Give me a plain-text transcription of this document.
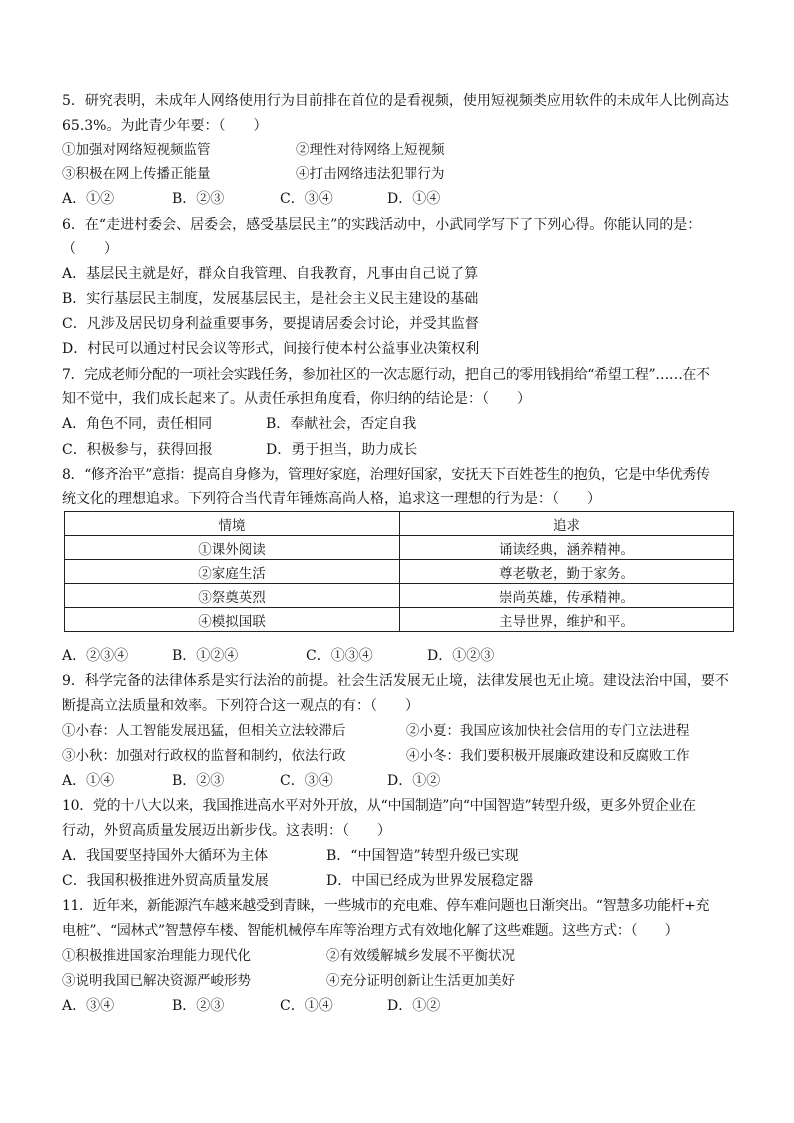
5．研究表明，未成年人网络使用行为目前排在首位的是看视频，使用短视频类应用软件的未成年人比例高达
65.3%。为此青少年要：（　　）
①加强对网络短视频监管	②理性对待网络上短视频
③积极在网上传播正能量	④打击网络违法犯罪行为
A．①②	B．②③	C．③④	D．①④
6．在“走进村委会、居委会，感受基层民主”的实践活动中，小武同学写下了下列心得。你能认同的是：
（　　）
A．基层民主就是好，群众自我管理、自我教育，凡事由自己说了算
B．实行基层民主制度，发展基层民主，是社会主义民主建设的基础
C．凡涉及居民切身利益重要事务，要提请居委会讨论，并受其监督
D．村民可以通过村民会议等形式，间接行使本村公益事业决策权利
7．完成老师分配的一项社会实践任务，参加社区的一次志愿行动，把自己的零用钱捐给“希望工程”……在不
知不觉中，我们成长起来了。从责任承担角度看，你归纳的结论是：（　　）
A．角色不同，责任相同	B．奉献社会，否定自我
C．积极参与，获得回报	D．勇于担当，助力成长
8．“修齐治平”意指：提高自身修为，管理好家庭，治理好国家，安抚天下百姓苍生的抱负，它是中华优秀传
统文化的理想追求。下列符合当代青年锤炼高尚人格，追求这一理想的行为是：（　　）
情境	追求
①课外阅读	诵读经典，涵养精神。
②家庭生活	尊老敬老，勤于家务。
③祭奠英烈	崇尚英雄，传承精神。
④模拟国联	主导世界，维护和平。
A．②③④	B．①②④	C．①③④	D．①②③
9．科学完备的法律体系是实行法治的前提。社会生活发展无止境，法律发展也无止境。建设法治中国，要不
断提高立法质量和效率。下列符合这一观点的有：（　　）
①小春：人工智能发展迅猛，但相关立法较滞后	②小夏：我国应该加快社会信用的专门立法进程
③小秋：加强对行政权的监督和制约，依法行政	④小冬：我们要积极开展廉政建设和反腐败工作
A．①④	B．②③	C．③④	D．①②
10．党的十八大以来，我国推进高水平对外开放，从“中国制造”向“中国智造”转型升级，更多外贸企业在
行动，外贸高质量发展迈出新步伐。这表明：（　　）
A．我国要坚持国外大循环为主体	B．“中国智造”转型升级已实现
C．我国积极推进外贸高质量发展	D．中国已经成为世界发展稳定器
11．近年来，新能源汽车越来越受到青睐，一些城市的充电难、停车难问题也日渐突出。“智慧多功能杆+充
电桩”、“园林式”智慧停车楼、智能机械停车库等治理方式有效地化解了这些难题。这些方式：（　　）
①积极推进国家治理能力现代化	②有效缓解城乡发展不平衡状况
③说明我国已解决资源严峻形势	④充分证明创新让生活更加美好
A．③④	B．②③	C．①④	D．①②
